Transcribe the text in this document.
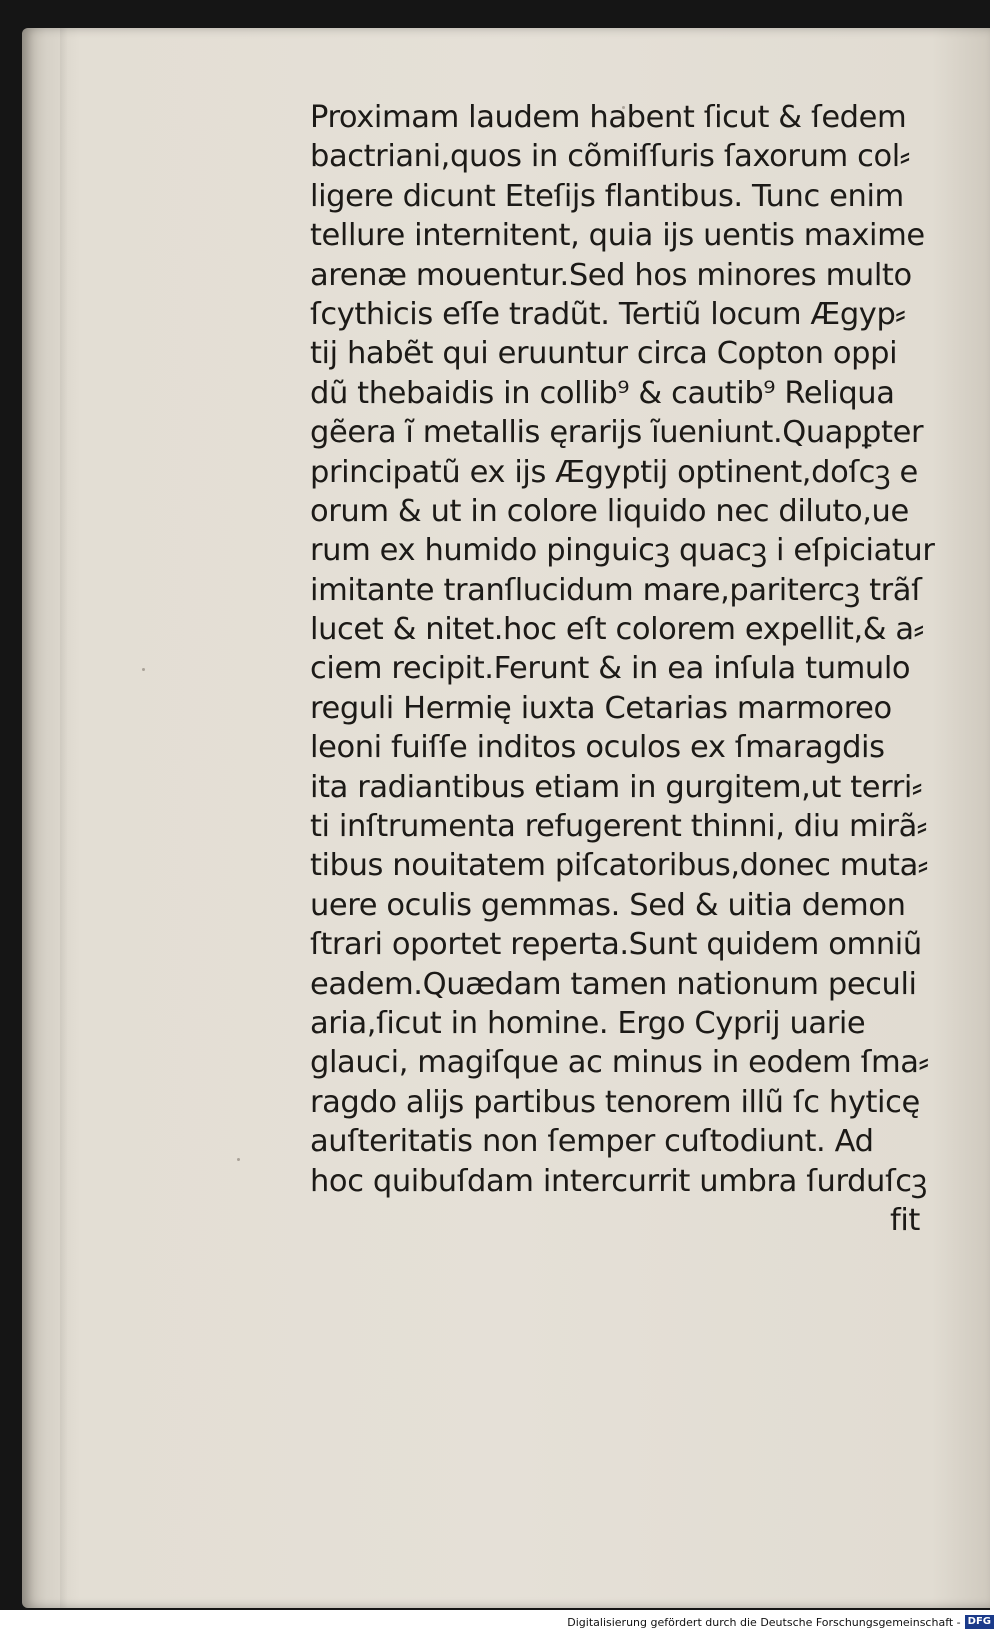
Proximam laudem habent ſicut & ſedem
bactriani,quos in cõmiſſuris ſaxorum col⸗
ligere dicunt Eteſijs flantibus. Tunc enim
tellure internitent, quia ijs uentis maxime
arenæ mouentur.Sed hos minores multo
ſcythicis eſſe tradũt. Tertiũ locum Ægyp⸗
tij habẽt qui eruuntur circa Copton oppi
dũ thebaidis in collib⁹ & cautib⁹ Reliqua
gẽera ĩ metallis ęrarijs ĩueniunt.Quapꝑter
principatũ ex ijs Ægyptij optinent,doſcꝫ e
orum & ut in colore liquido nec diluto,ue
rum ex humido pinguicꝫ quacꝫ i eſpiciatur
imitante tranſlucidum mare,paritercꝫ trãſ
lucet & nitet.hoc eſt colorem expellit,& a⸗
ciem recipit.Ferunt & in ea inſula tumulo
reguli Hermię iuxta Cetarias marmoreo
leoni fuiſſe inditos oculos ex ſmaragdis
ita radiantibus etiam in gurgitem,ut terri⸗
ti inſtrumenta refugerent thinni, diu mirã⸗
tibus nouitatem piſcatoribus,donec muta⸗
uere oculis gemmas. Sed & uitia demon
ſtrari oportet reperta.Sunt quidem omniũ
eadem.Quædam tamen nationum peculi
aria,ſicut in homine. Ergo Cyprij uarie
glauci, magiſque ac minus in eodem ſma⸗
ragdo alijs partibus tenorem illũ ſc hyticę
auſteritatis non ſemper cuſtodiunt. Ad
hoc quibuſdam intercurrit umbra ſurduſcꝫ
fit
Digitalisierung gefördert durch die Deutsche Forschungsgemeinschaft - DFG
